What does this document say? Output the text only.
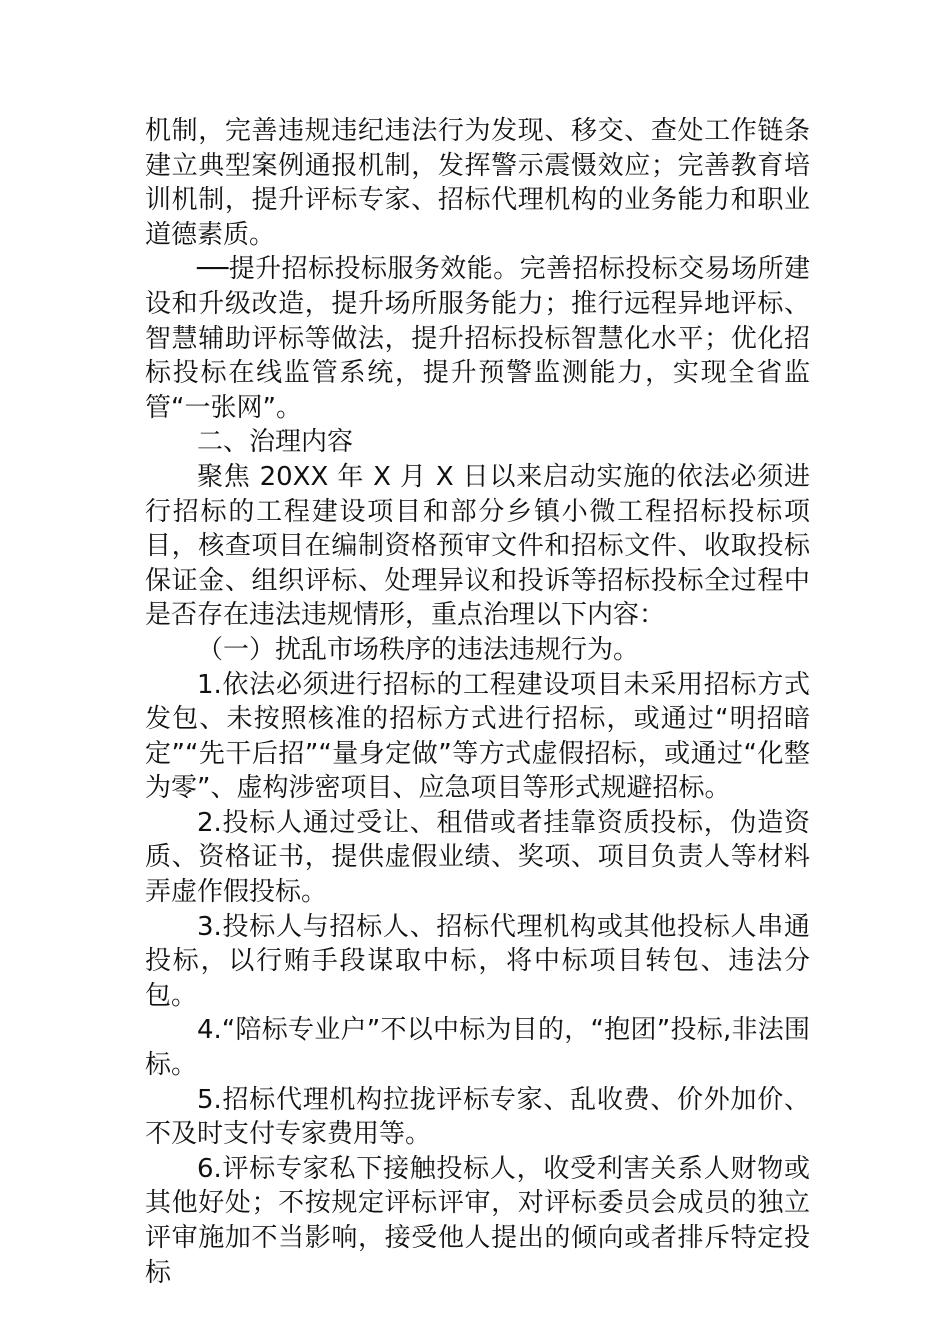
机制，完善违规违纪违法行为发现、移交、查处工作链条建立典型案例通报机制，发挥警示震慑效应；完善教育培训机制，提升评标专家、招标代理机构的业务能力和职业道德素质。

──提升招标投标服务效能。完善招标投标交易场所建设和升级改造，提升场所服务能力；推行远程异地评标、智慧辅助评标等做法，提升招标投标智慧化水平；优化招标投标在线监管系统，提升预警监测能力，实现全省监管“一张网”。

二、治理内容

聚焦 20XX 年 X 月 X 日以来启动实施的依法必须进行招标的工程建设项目和部分乡镇小微工程招标投标项目，核查项目在编制资格预审文件和招标文件、收取投标保证金、组织评标、处理异议和投诉等招标投标全过程中是否存在违法违规情形，重点治理以下内容：

（一）扰乱市场秩序的违法违规行为。

1.依法必须进行招标的工程建设项目未采用招标方式发包、未按照核准的招标方式进行招标，或通过“明招暗定”“先干后招”“量身定做”等方式虚假招标，或通过“化整为零”、虚构涉密项目、应急项目等形式规避招标。

2.投标人通过受让、租借或者挂靠资质投标，伪造资质、资格证书，提供虚假业绩、奖项、项目负责人等材料弄虚作假投标。

3.投标人与招标人、招标代理机构或其他投标人串通投标，以行贿手段谋取中标，将中标项目转包、违法分包。

4.“陪标专业户”不以中标为目的，“抱团”投标,非法围标。

5.招标代理机构拉拢评标专家、乱收费、价外加价、不及时支付专家费用等。

6.评标专家私下接触投标人，收受利害关系人财物或其他好处；不按规定评标评审，对评标委员会成员的独立评审施加不当影响，接受他人提出的倾向或者排斥特定投标
